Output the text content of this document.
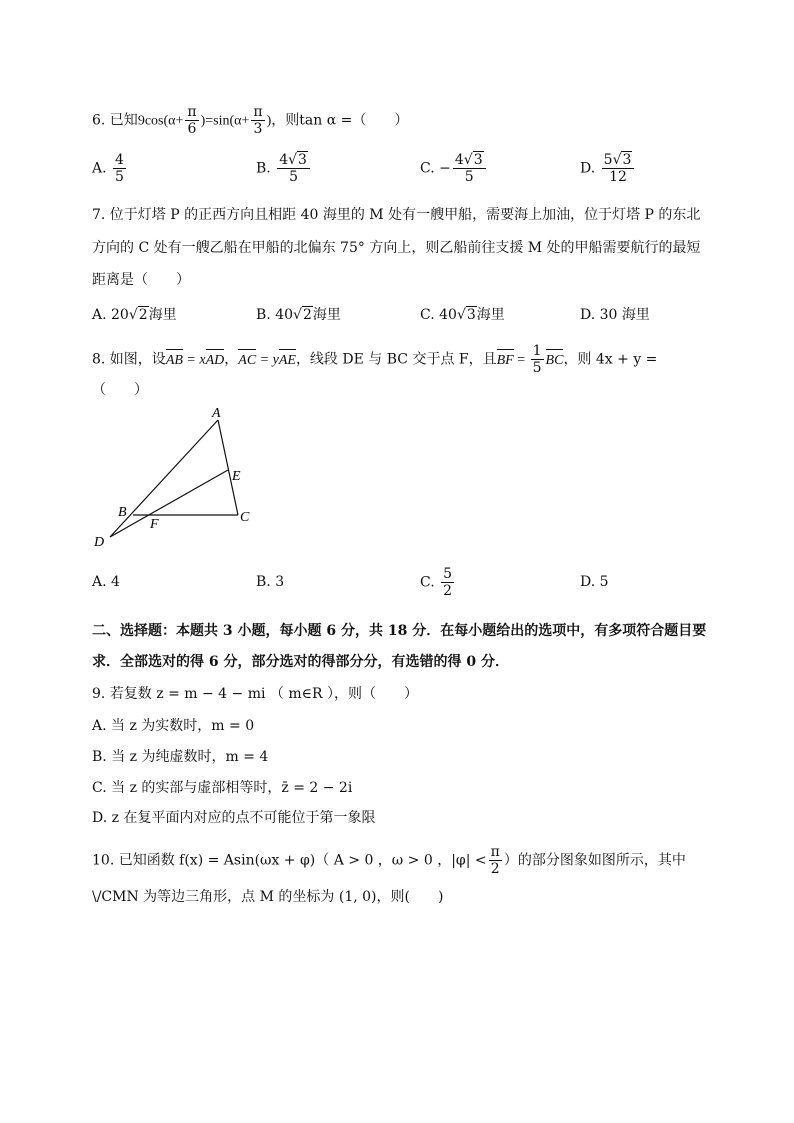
6. 已知$9\cos(\alpha+ \frac{\pi}{6} )=\sin(\alpha+ \frac{\pi}{3}$ )，则tan α =（　　）
A. $\frac{4}{5}$	B. $\frac{4√3}{5}$	C. − $\frac{4√3}{5}$	D. $\frac{5√3}{12}$
7. 位于灯塔 P 的正西方向且相距 40 海里的 M 处有一艘甲船，需要海上加油，位于灯塔 P 的东北
方向的 C 处有一艘乙船在甲船的北偏东 75° 方向上，则乙船前往支援 M 处的甲船需要航行的最短
距离是（　　）
A. 20√2海里	B. 40√2海里	C. 40√3海里	D. 30 海里
8. 如图，设AB = xAD，AC = yAE，线段 DE 与 BC 交于点 F，且BF = $\frac{1}{5}$ BC，则 4x + y =
（　　）
A
E
B	C
F
D
A. 4	B. 3	C. $\frac{5}{2}$	D. 5
二、选择题：本题共 3 小题，每小题 6 分，共 18 分．在每小题给出的选项中，有多项符合题目要
求．全部选对的得 6 分，部分选对的得部分分，有选错的得 0 分．
9. 若复数 z = m − 4 − mi （ m∈R ），则（　　）
A. 当 z 为实数时，m = 0
B. 当 z 为纯虚数时，m = 4
C. 当 z 的实部与虚部相等时，z̄ = 2 − 2i
D. z 在复平面内对应的点不可能位于第一象限
10. 已知函数 f(x) = Asin(ωx + φ)（ A > 0 ，ω > 0 ，$|\varphi| < \frac{\pi}{2}$ ）的部分图象如图所示，其中
\/CMN 为等边三角形，点 M 的坐标为 (1, 0)，则(　　)
